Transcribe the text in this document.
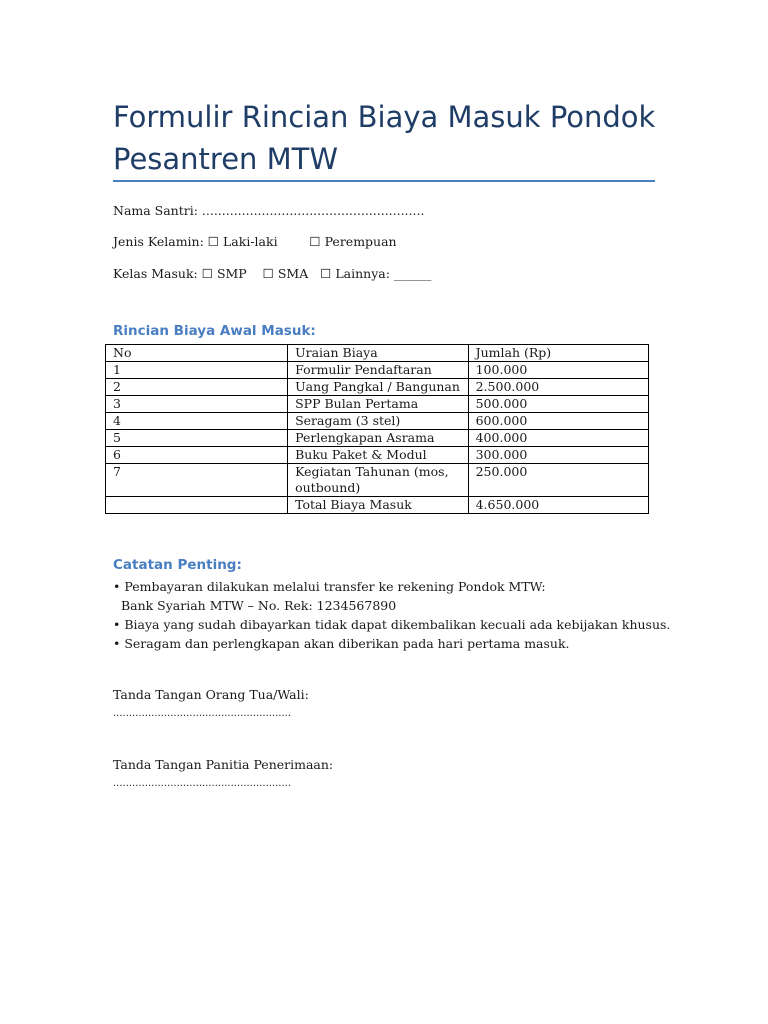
Formulir Rincian Biaya Masuk Pondok Pesantren MTW
Nama Santri: ........................................................
Jenis Kelamin: ☐ Laki-laki	☐ Perempuan
Kelas Masuk: ☐ SMP ☐ SMA ☐ Lainnya: ______
Rincian Biaya Awal Masuk:
No	Uraian Biaya	Jumlah (Rp)
1	Formulir Pendaftaran	100.000
2	Uang Pangkal / Bangunan	2.500.000
3	SPP Bulan Pertama	500.000
4	Seragam (3 stel)	600.000
5	Perlengkapan Asrama	400.000
6	Buku Paket & Modul	300.000
7	Kegiatan Tahunan (mos, outbound)	250.000
	Total Biaya Masuk	4.650.000
Catatan Penting:
• Pembayaran dilakukan melalui transfer ke rekening Pondok MTW:
Bank Syariah MTW – No. Rek: 1234567890
• Biaya yang sudah dibayarkan tidak dapat dikembalikan kecuali ada kebijakan khusus.
• Seragam dan perlengkapan akan diberikan pada hari pertama masuk.
Tanda Tangan Orang Tua/Wali:
........................................................
Tanda Tangan Panitia Penerimaan:
........................................................
